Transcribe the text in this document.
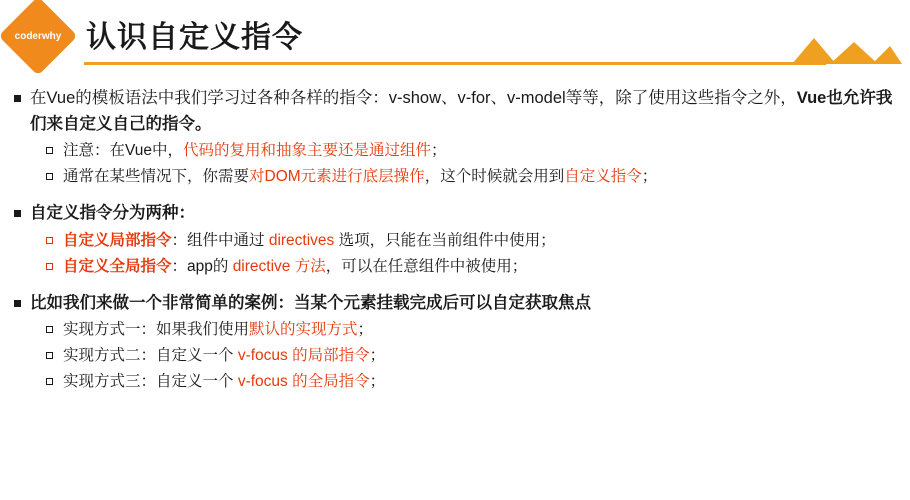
coderwhy 认识自定义指令
在Vue的模板语法中我们学习过各种各样的指令：v-show、v-for、v-model等等，除了使用这些指令之外，Vue也允许我们来自定义自己的指令。
注意：在Vue中，代码的复用和抽象主要还是通过组件；
通常在某些情况下，你需要对DOM元素进行底层操作，这个时候就会用到自定义指令；
自定义指令分为两种：
自定义局部指令：组件中通过 directives 选项，只能在当前组件中使用；
自定义全局指令：app的 directive 方法，可以在任意组件中被使用；
比如我们来做一个非常简单的案例：当某个元素挂载完成后可以自定获取焦点
实现方式一：如果我们使用默认的实现方式；
实现方式二：自定义一个 v-focus 的局部指令；
实现方式三：自定义一个 v-focus 的全局指令；
